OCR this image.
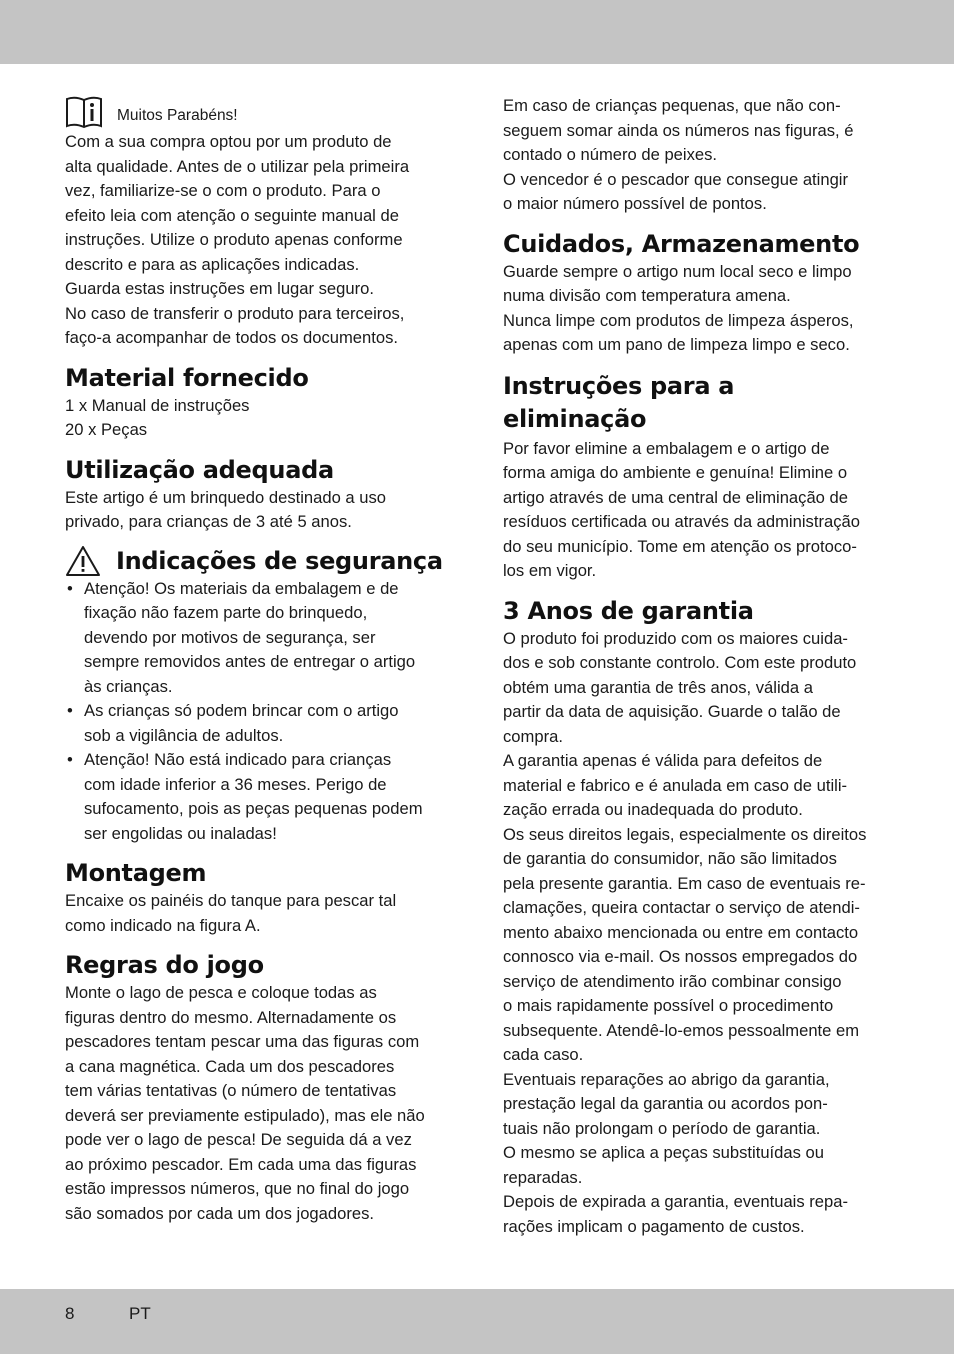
Muitos Parabéns!

Com a sua compra optou por um produto de

alta qualidade. Antes de o utilizar pela primeira

vez, familiarize-se o com o produto. Para o

efeito leia com atenção o seguinte manual de

instruções. Utilize o produto apenas conforme

descrito e para as aplicações indicadas.

Guarda estas instruções em lugar seguro.

No caso de transferir o produto para terceiros,

faço-a acompanhar de todos os documentos.

Material fornecido

1 x Manual de instruções

20 x Peças

Utilização adequada

Este artigo é um brinquedo destinado a uso

privado, para crianças de 3 até 5 anos.

Indicações de segurança
• Atenção! Os materiais da embalagem e de
fixação não fazem parte do brinquedo,
devendo por motivos de segurança, ser
sempre removidos antes de entregar o artigo
às crianças.
• As crianças só podem brincar com o artigo
sob a vigilância de adultos.
• Atenção! Não está indicado para crianças
com idade inferior a 36 meses. Perigo de
sufocamento, pois as peças pequenas podem
ser engolidas ou inaladas!
Montagem

Encaixe os painéis do tanque para pescar tal

como indicado na figura A.

Regras do jogo

Monte o lago de pesca e coloque todas as

figuras dentro do mesmo. Alternadamente os

pescadores tentam pescar uma das figuras com

a cana magnética. Cada um dos pescadores

tem várias tentativas (o número de tentativas

deverá ser previamente estipulado), mas ele não

pode ver o lago de pesca! De seguida dá a vez

ao próximo pescador. Em cada uma das figuras

estão impressos números, que no final do jogo

são somados por cada um dos jogadores.

Em caso de crianças pequenas, que não con-

seguem somar ainda os números nas figuras, é

contado o número de peixes.

O vencedor é o pescador que consegue atingir

o maior número possível de pontos.

Cuidados, Armazenamento

Guarde sempre o artigo num local seco e limpo

numa divisão com temperatura amena.

Nunca limpe com produtos de limpeza ásperos,

apenas com um pano de limpeza limpo e seco.

Instruções para a
eliminação

Por favor elimine a embalagem e o artigo de

forma amiga do ambiente e genuína! Elimine o

artigo através de uma central de eliminação de

resíduos certificada ou através da administração

do seu município. Tome em atenção os protoco-

los em vigor.

3 Anos de garantia

O produto foi produzido com os maiores cuida-

dos e sob constante controlo. Com este produto

obtém uma garantia de três anos, válida a

partir da data de aquisição. Guarde o talão de

compra.

A garantia apenas é válida para defeitos de

material e fabrico e é anulada em caso de utili-

zação errada ou inadequada do produto.

Os seus direitos legais, especialmente os direitos

de garantia do consumidor, não são limitados

pela presente garantia. Em caso de eventuais re-

clamações, queira contactar o serviço de atendi-

mento abaixo mencionada ou entre em contacto

connosco via e-mail. Os nossos empregados do

serviço de atendimento irão combinar consigo

o mais rapidamente possível o procedimento

subsequente. Atendê-lo-emos pessoalmente em

cada caso.

Eventuais reparações ao abrigo da garantia,

prestação legal da garantia ou acordos pon-

tuais não prolongam o período de garantia.

O mesmo se aplica a peças substituídas ou

reparadas.

Depois de expirada a garantia, eventuais repa-

rações implicam o pagamento de custos.

8	PT
